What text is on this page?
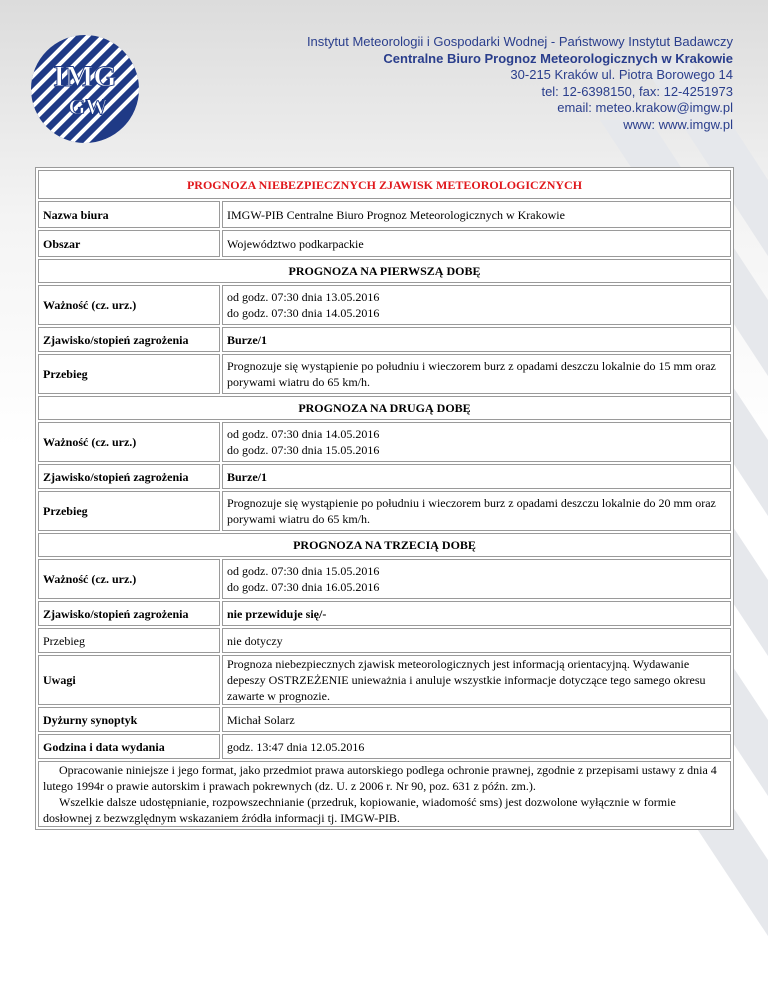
IMG
GW
Instytut Meteorologii i Gospodarki Wodnej - Państwowy Instytut Badawczy
Centralne Biuro Prognoz Meteorologicznych w Krakowie
30-215 Kraków ul. Piotra Borowego 14
tel: 12-6398150, fax: 12-4251973
email: meteo.krakow@imgw.pl
www: www.imgw.pl
PROGNOZA NIEBEZPIECZNYCH ZJAWISK METEOROLOGICZNYCH	
Nazwa biura	IMGW-PIB Centralne Biuro Prognoz Meteorologicznych w Krakowie
Obszar	Województwo podkarpackie
PROGNOZA NA PIERWSZĄ DOBĘ	
Ważność (cz. urz.)	od godz. 07:30 dnia 13.05.2016
do godz. 07:30 dnia 14.05.2016

Zjawisko/stopień zagrożenia	Burze/1
Przebieg	Prognozuje się wystąpienie po południu i wieczorem burz z opadami deszczu lokalnie do 15 mm oraz porywami wiatru do 65 km/h.
PROGNOZA NA DRUGĄ DOBĘ	
Ważność (cz. urz.)	od godz. 07:30 dnia 14.05.2016
do godz. 07:30 dnia 15.05.2016

Zjawisko/stopień zagrożenia	Burze/1
Przebieg	Prognozuje się wystąpienie po południu i wieczorem burz z opadami deszczu lokalnie do 20 mm oraz porywami wiatru do 65 km/h.
PROGNOZA NA TRZECIĄ DOBĘ	
Ważność (cz. urz.)	od godz. 07:30 dnia 15.05.2016
do godz. 07:30 dnia 16.05.2016

Zjawisko/stopień zagrożenia	nie przewiduje się/-
Przebieg	nie dotyczy
Uwagi	Prognoza niebezpiecznych zjawisk meteorologicznych jest informacją orientacyjną. Wydawanie depeszy OSTRZEŻENIE unieważnia i anuluje wszystkie informacje dotyczące tego samego okresu zawarte w prognozie.
Dyżurny synoptyk	Michał Solarz
Godzina i data wydania	godz. 13:47 dnia 12.05.2016

Opracowanie niniejsze i jego format, jako przedmiot prawa autorskiego podlega ochronie prawnej, zgodnie z przepisami ustawy z dnia 4 lutego 1994r o prawie autorskim i prawach pokrewnych (dz. U. z 2006 r. Nr 90, poz. 631 z późn. zm.).
Wszelkie dalsze udostępnianie, rozpowszechnianie (przedruk, kopiowanie, wiadomość sms) jest dozwolone wyłącznie w formie dosłownej z bezwzględnym wskazaniem źródła informacji tj. IMGW-PIB.	
